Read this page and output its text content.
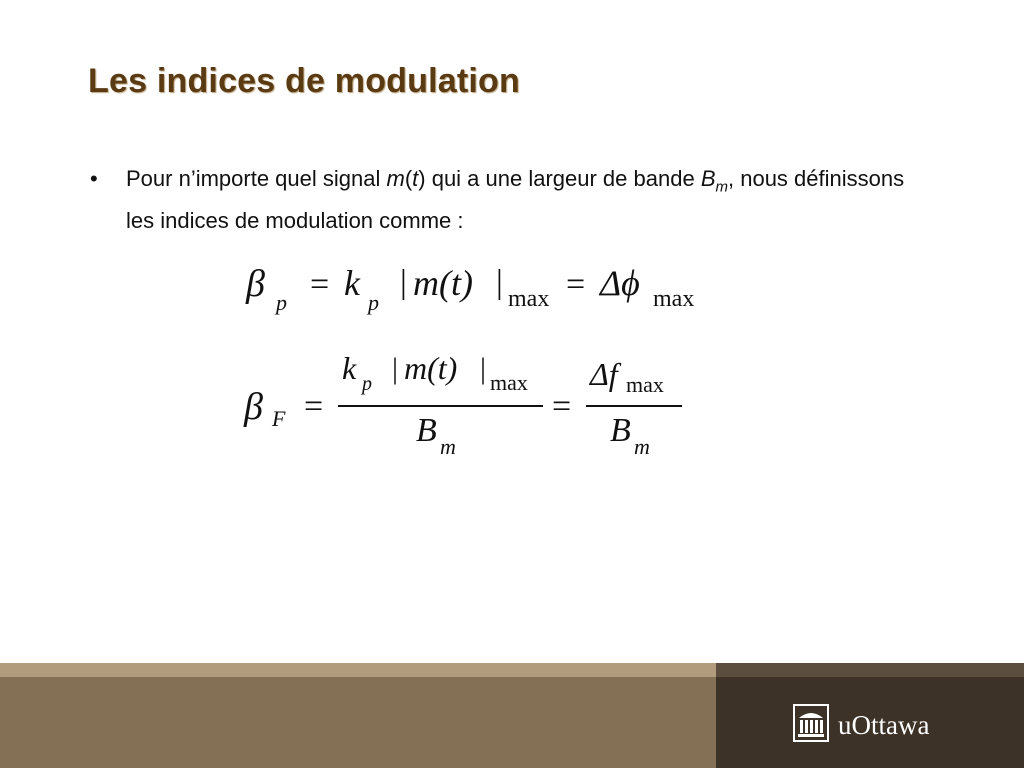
Les indices de modulation
• Pour n’importe quel signal m(t) qui a une largeur de bande $B_m$, nous définissons les indices de modulation comme :
β p = k p
| m(t) | max = Δϕ max
β F =
k p | m(t) | max
B m
=
Δf max
B m
uOttawa
